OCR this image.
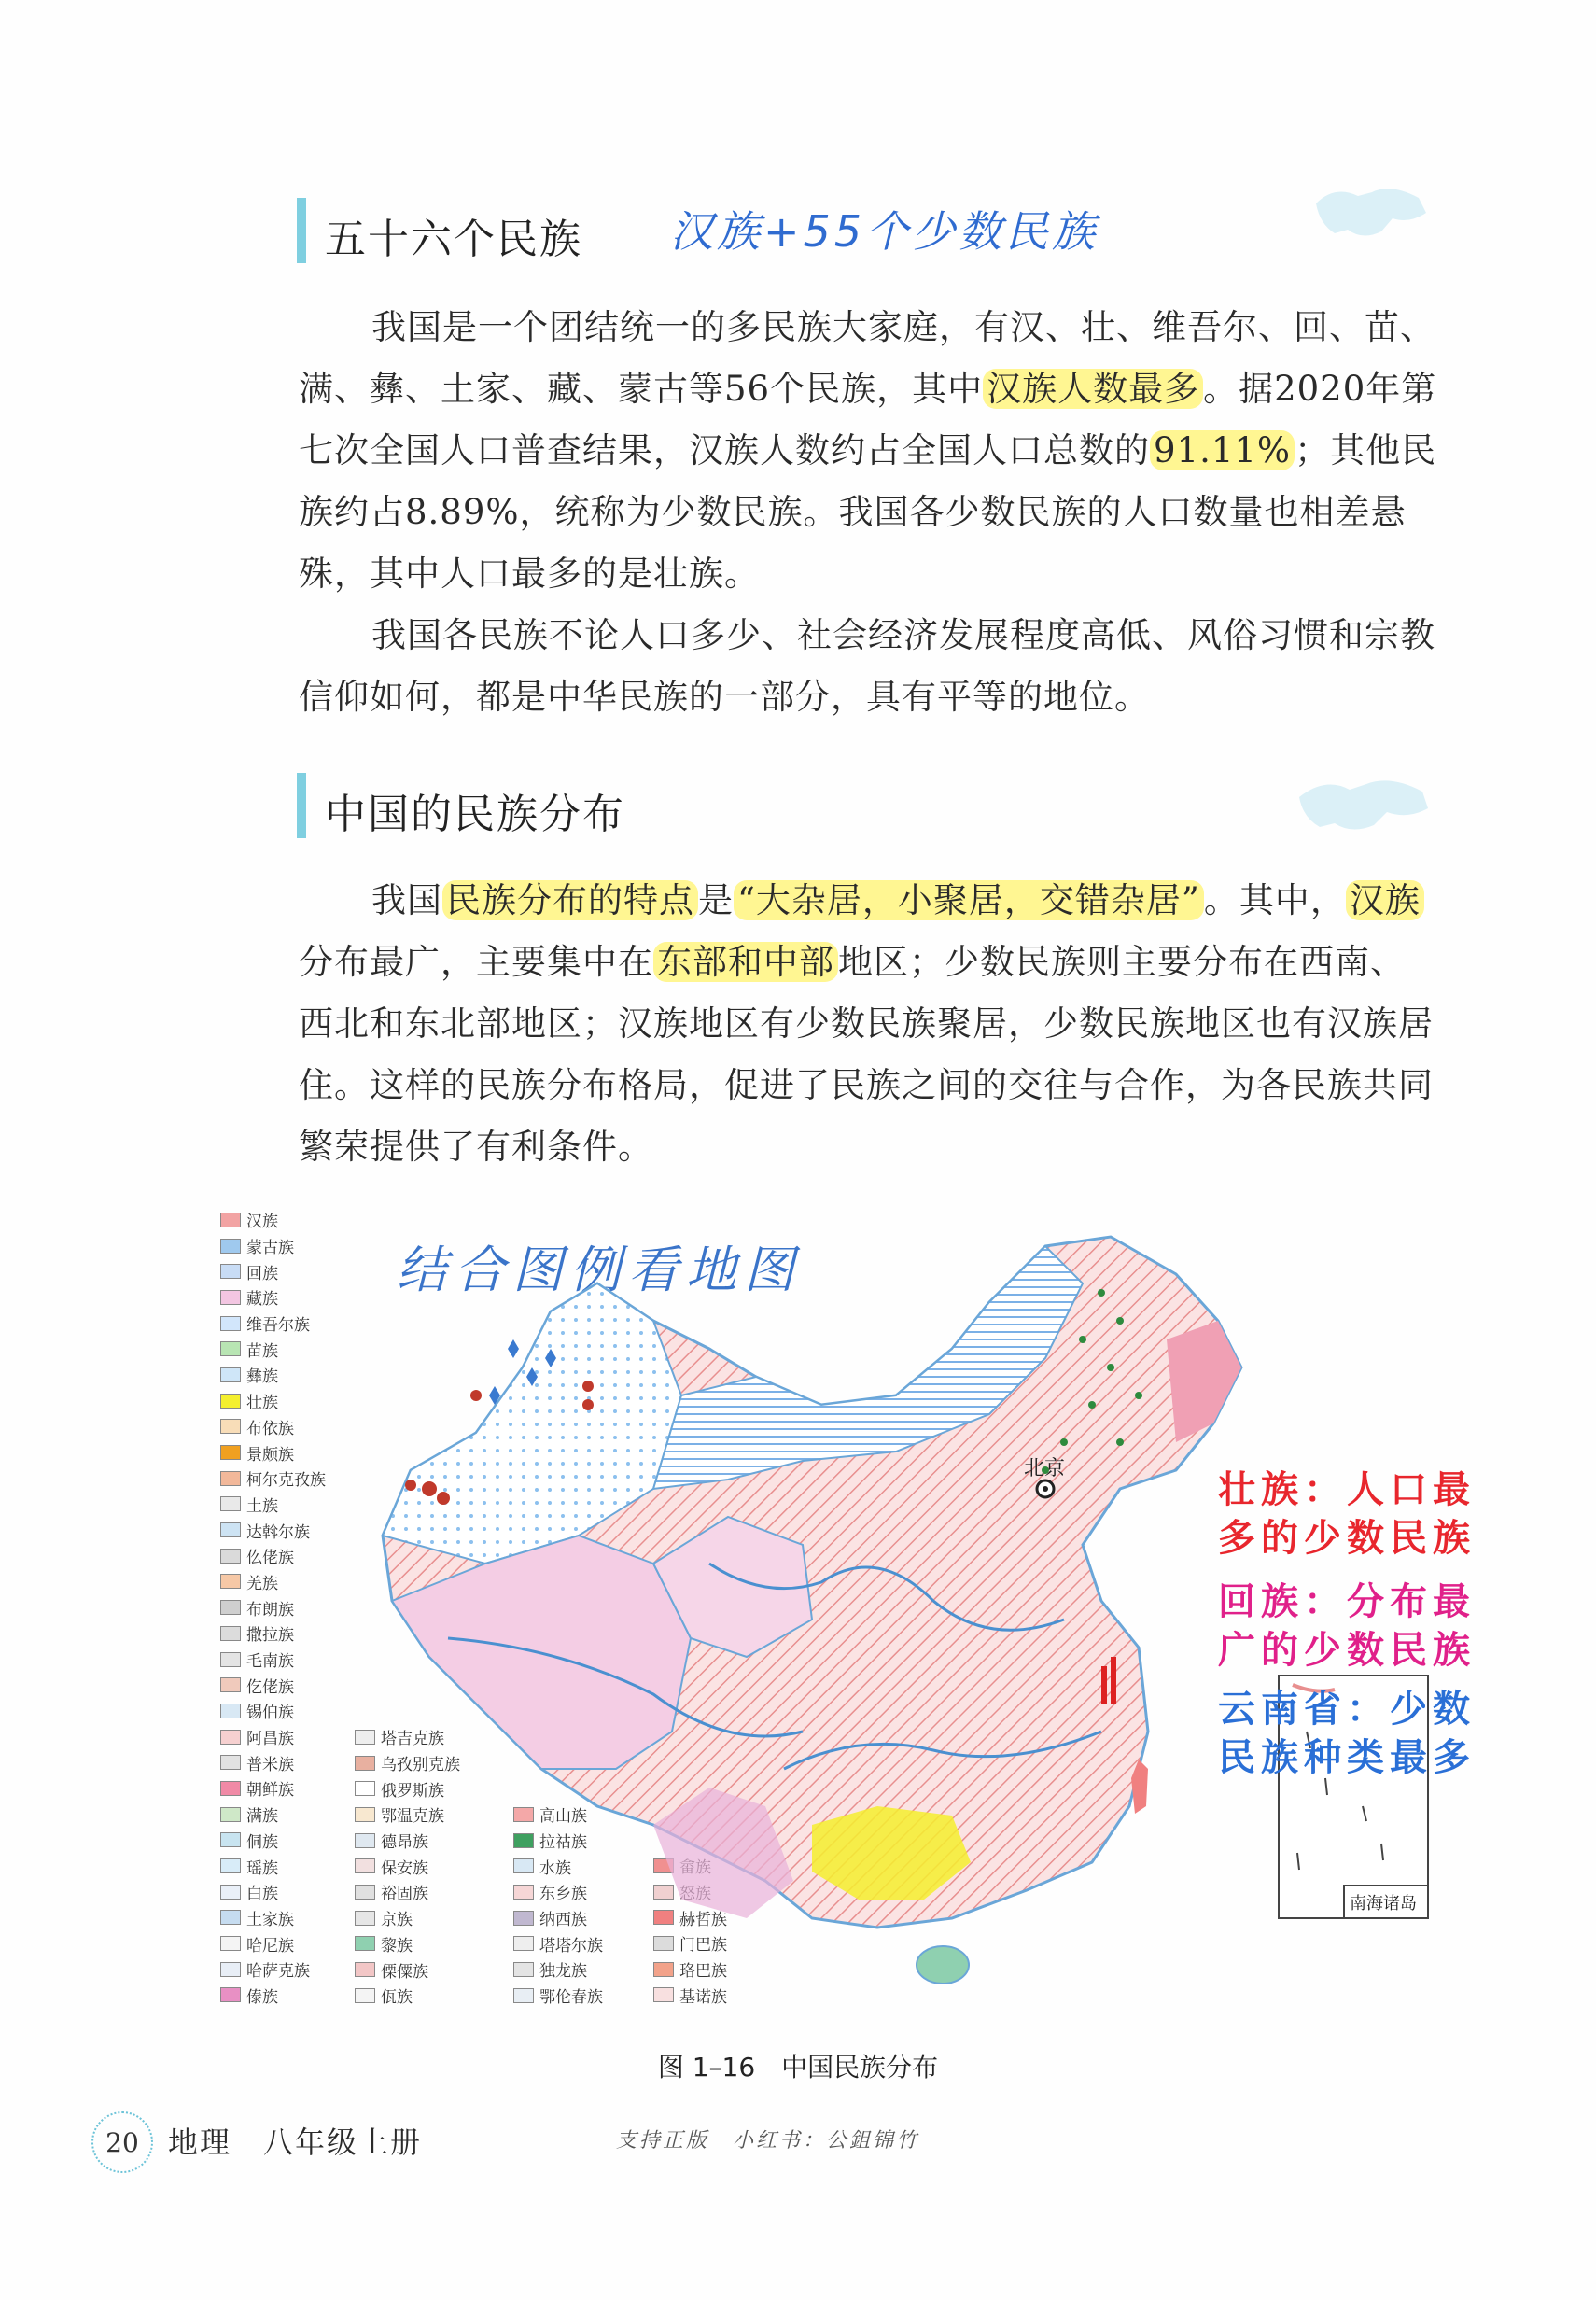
五十六个民族 汉族+55个少数民族

我国是一个团结统一的多民族大家庭，有汉、壮、维吾尔、回、苗、满、彝、土家、藏、蒙古等56个民族，其中 汉族人数最多 。据2020年第七次全国人口普查结果，汉族人数约占全国人口总数的 91.11% ；其他民族约占8.89%，统称为少数民族。我国各少数民族的人口数量也相差悬殊，其中人口最多的是壮族。

我国各民族不论人口多少、社会经济发展程度高低、风俗习惯和宗教信仰如何，都是中华民族的一部分，具有平等的地位。

中国的民族分布

我国 民族分布的特点 是 “大杂居，小聚居，交错杂居” 。其中， 汉族分布最广，主要集中在 东部和中部 地区；少数民族则主要分布在西南、西北和东北部地区；汉族地区有少数民族聚居，少数民族地区也有汉族居住。这样的民族分布格局，促进了民族之间的交往与合作，为各民族共同繁荣提供了有利条件。

汉族
蒙古族
回族
藏族
维吾尔族
苗族
彝族
壮族
布依族
景颇族
柯尔克孜族
土族
达斡尔族
仫佬族
羌族
布朗族
撒拉族
毛南族
仡佬族
锡伯族
阿昌族
普米族
朝鲜族
满族
侗族
瑶族
白族
土家族
哈尼族
哈萨克族
傣族
塔吉克族
乌孜别克族
俄罗斯族
鄂温克族
德昂族
保安族
裕固族
京族
黎族
傈僳族
佤族
高山族
拉祜族
水族
东乡族
纳西族
塔塔尔族
独龙族
鄂伦春族
赫哲族
门巴族
珞巴族
基诺族
结合图例看地图
北京
南海诸岛
壮族：人口最多的少数民族
回族：分布最广的少数民族
云南省：少数民族种类最多
图 1–16　中国民族分布
20 地理　八年级上册	支持正版　小红书：公鉏锦竹
